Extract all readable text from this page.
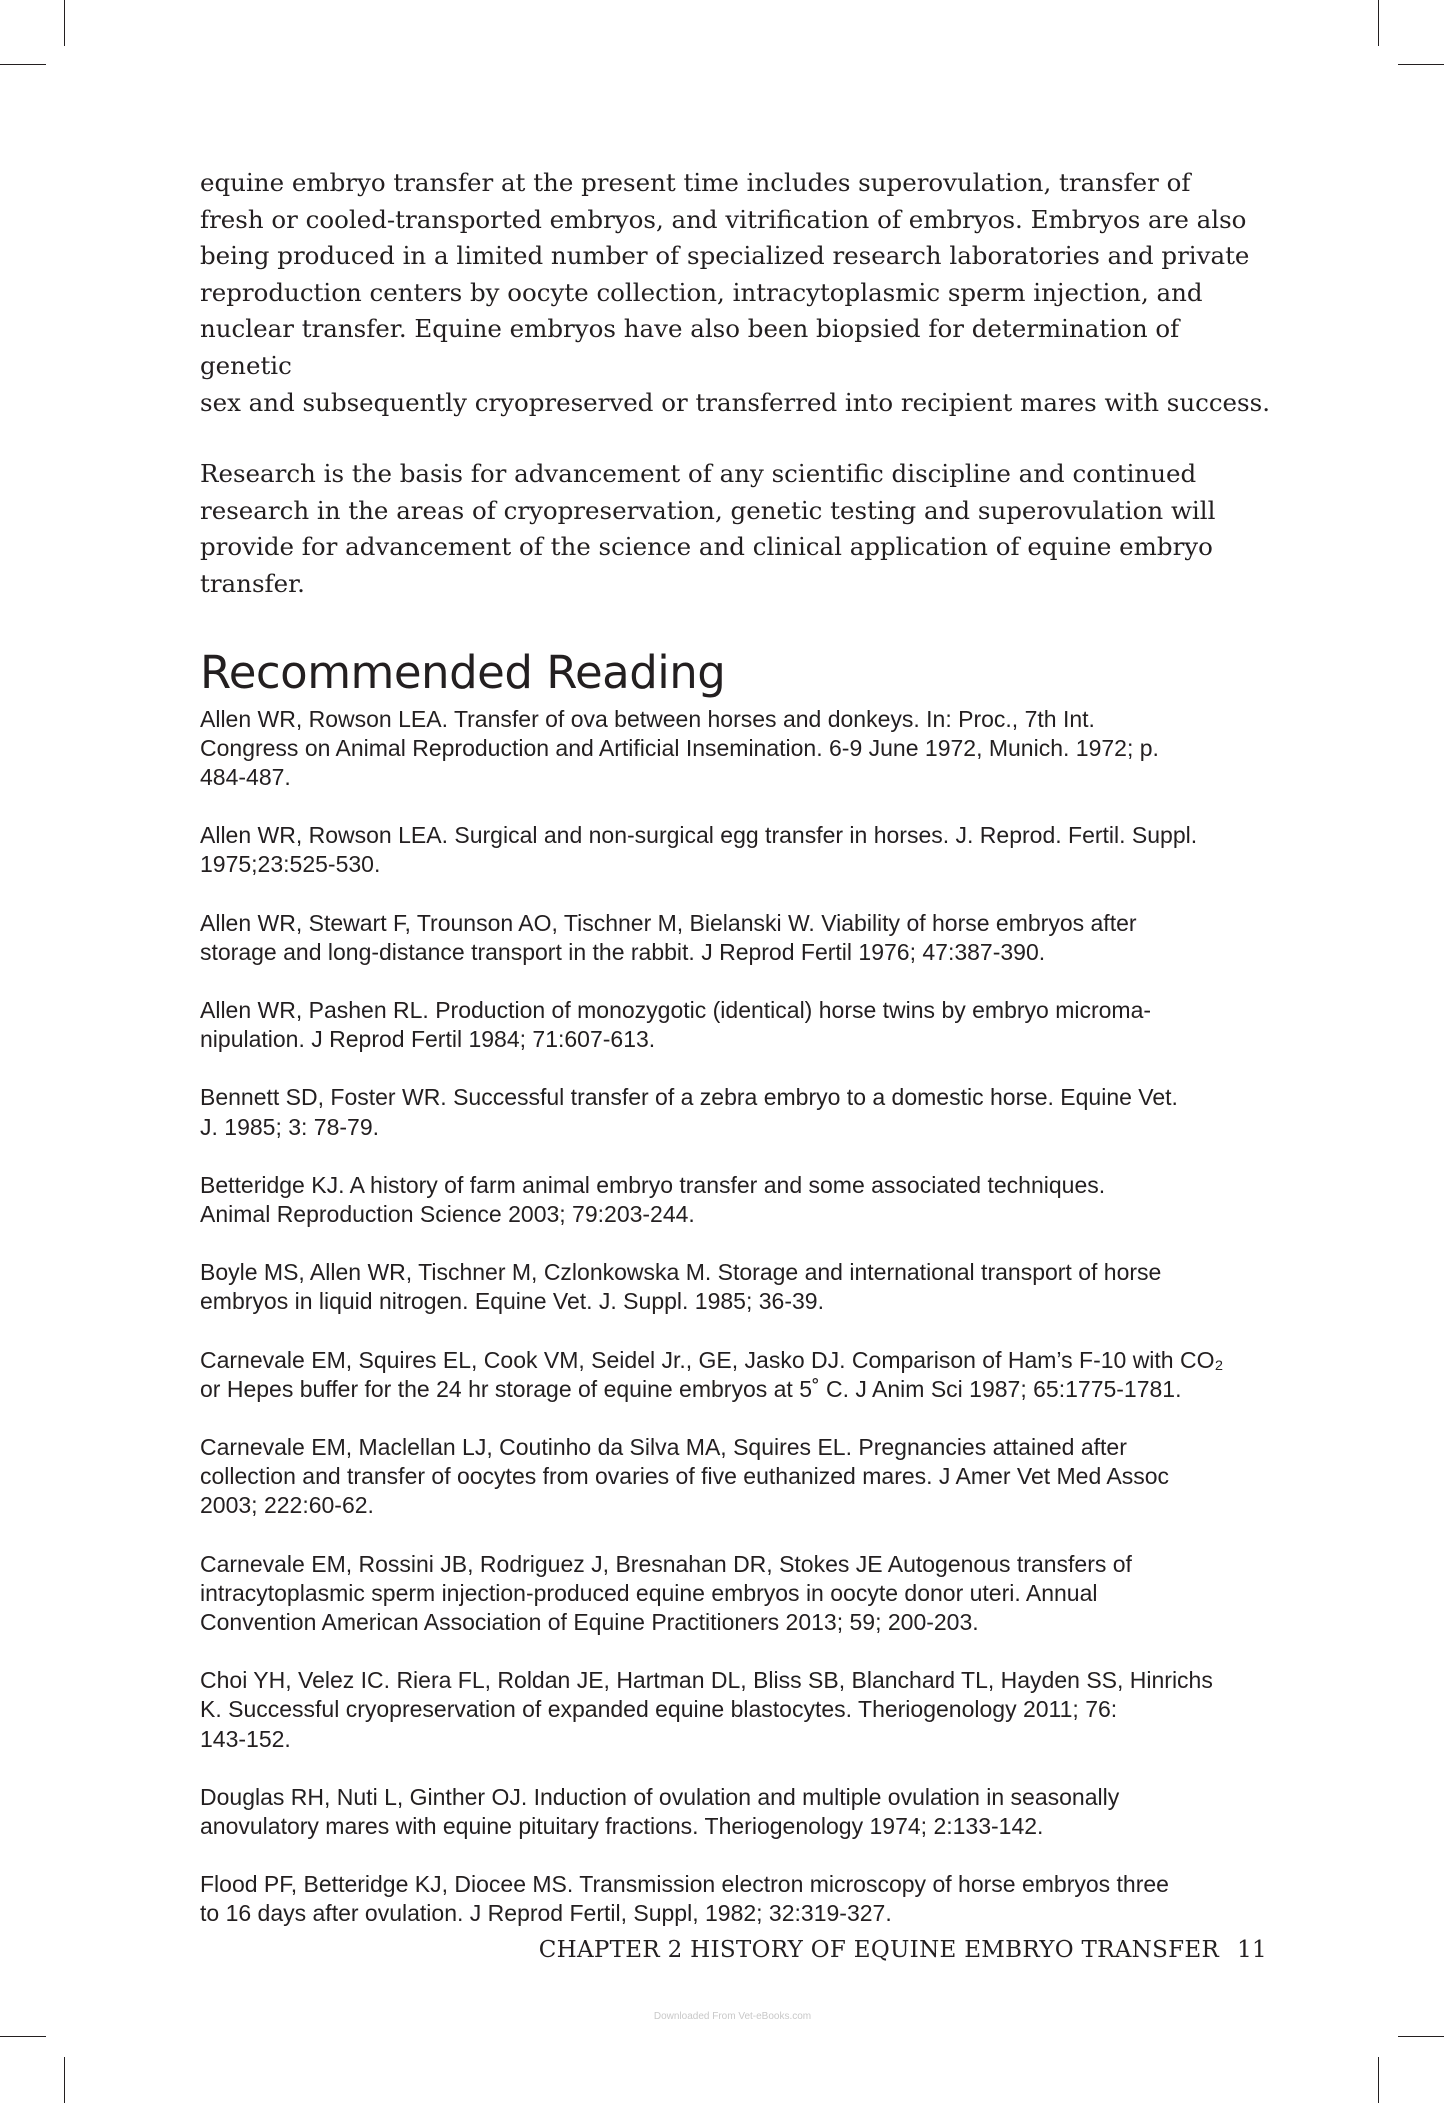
equine embryo transfer at the present time includes superovulation, transfer of
fresh or cooled-transported embryos, and vitrification of embryos. Embryos are also
being produced in a limited number of specialized research laboratories and private
reproduction centers by oocyte collection, intracytoplasmic sperm injection, and
nuclear transfer. Equine embryos have also been biopsied for determination of genetic
sex and subsequently cryopreserved or transferred into recipient mares with success.

Research is the basis for advancement of any scientific discipline and continued
research in the areas of cryopreservation, genetic testing and superovulation will
provide for advancement of the science and clinical application of equine embryo
transfer.

Recommended Reading

Allen WR, Rowson LEA. Transfer of ova between horses and donkeys. In: Proc., 7th Int.
Congress on Animal Reproduction and Artificial Insemination. 6-9 June 1972, Munich. 1972; p.
484-487.

Allen WR, Rowson LEA. Surgical and non-surgical egg transfer in horses. J. Reprod. Fertil. Suppl.
1975;23:525-530.

Allen WR, Stewart F, Trounson AO, Tischner M, Bielanski W. Viability of horse embryos after
storage and long-distance transport in the rabbit. J Reprod Fertil 1976; 47:387-390.

Allen WR, Pashen RL. Production of monozygotic (identical) horse twins by embryo microma-
nipulation. J Reprod Fertil 1984; 71:607-613.

Bennett SD, Foster WR. Successful transfer of a zebra embryo to a domestic horse. Equine Vet.
J. 1985; 3: 78-79.

Betteridge KJ. A history of farm animal embryo transfer and some associated techniques.
Animal Reproduction Science 2003; 79:203-244.

Boyle MS, Allen WR, Tischner M, Czlonkowska M. Storage and international transport of horse
embryos in liquid nitrogen. Equine Vet. J. Suppl. 1985; 36-39.

Carnevale EM, Squires EL, Cook VM, Seidel Jr., GE, Jasko DJ. Comparison of Ham’s F-10 with CO₂
or Hepes buffer for the 24 hr storage of equine embryos at 5˚ C. J Anim Sci 1987; 65:1775-1781.

Carnevale EM, Maclellan LJ, Coutinho da Silva MA, Squires EL. Pregnancies attained after
collection and transfer of oocytes from ovaries of five euthanized mares. J Amer Vet Med Assoc
2003; 222:60-62.

Carnevale EM, Rossini JB, Rodriguez J, Bresnahan DR, Stokes JE Autogenous transfers of
intracytoplasmic sperm injection-produced equine embryos in oocyte donor uteri. Annual
Convention American Association of Equine Practitioners 2013; 59; 200-203.

Choi YH, Velez IC. Riera FL, Roldan JE, Hartman DL, Bliss SB, Blanchard TL, Hayden SS, Hinrichs
K. Successful cryopreservation of expanded equine blastocytes. Theriogenology 2011; 76:
143-152.

Douglas RH, Nuti L, Ginther OJ. Induction of ovulation and multiple ovulation in seasonally
anovulatory mares with equine pituitary fractions. Theriogenology 1974; 2:133-142.

Flood PF, Betteridge KJ, Diocee MS. Transmission electron microscopy of horse embryos three
to 16 days after ovulation. J Reprod Fertil, Suppl, 1982; 32:319-327.

CHAPTER 2 HISTORY OF EQUINE EMBRYO TRANSFER 11
Downloaded From Vet-eBooks.com
